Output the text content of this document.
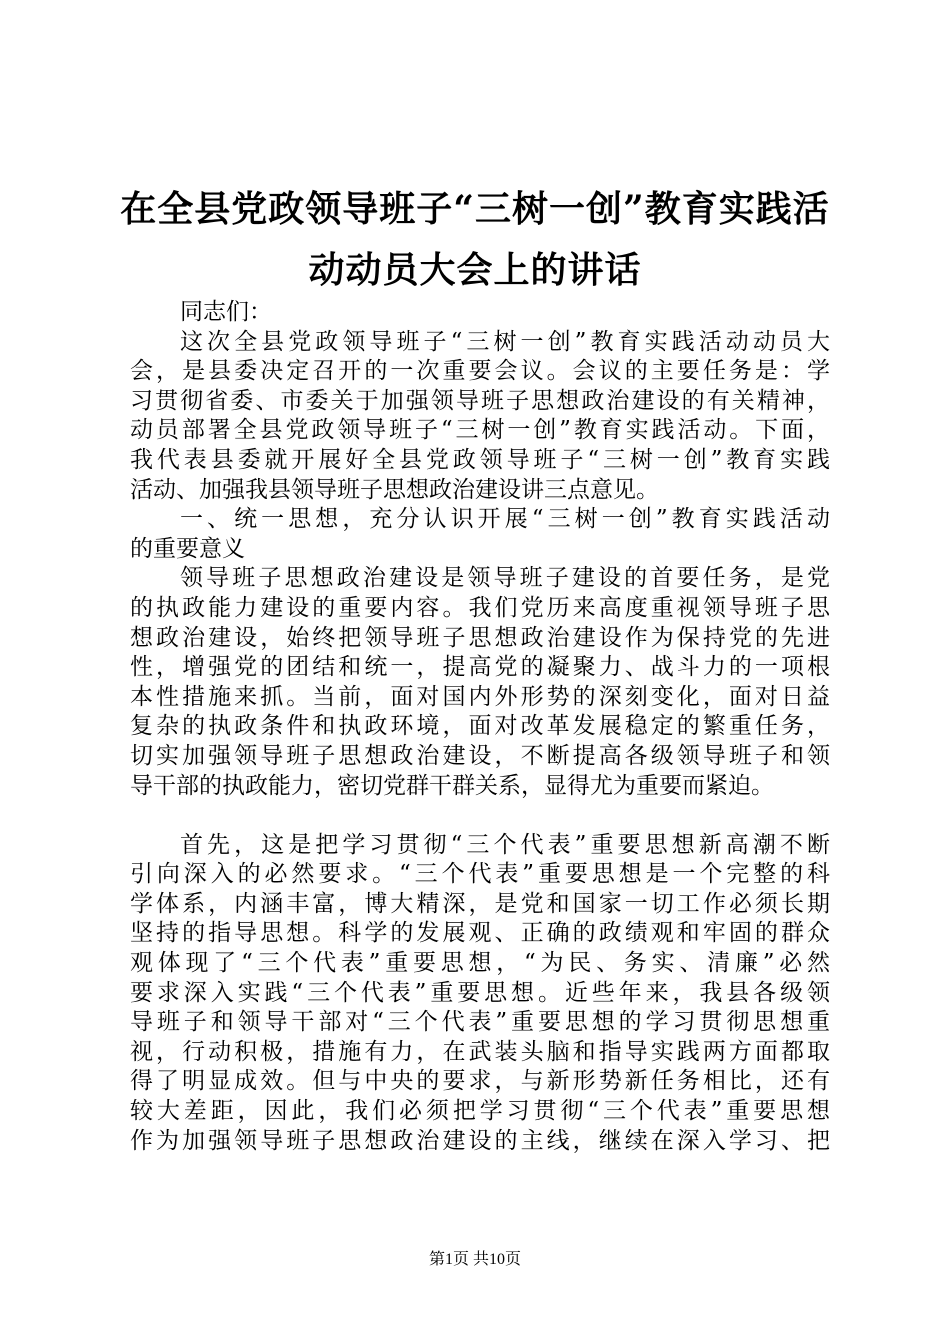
在全县党政领导班子“三树一创”教育实践活
动动员大会上的讲话
同志们：
这次全县党政领导班子“三树一创”教育实践活动动员大
会，是县委决定召开的一次重要会议。会议的主要任务是：学
习贯彻省委、市委关于加强领导班子思想政治建设的有关精神，
动员部署全县党政领导班子“三树一创”教育实践活动。下面，
我代表县委就开展好全县党政领导班子“三树一创”教育实践
活动、加强我县领导班子思想政治建设讲三点意见。
一、统一思想，充分认识开展“三树一创”教育实践活动
的重要意义
领导班子思想政治建设是领导班子建设的首要任务，是党
的执政能力建设的重要内容。我们党历来高度重视领导班子思
想政治建设，始终把领导班子思想政治建设作为保持党的先进
性，增强党的团结和统一，提高党的凝聚力、战斗力的一项根
本性措施来抓。当前，面对国内外形势的深刻变化，面对日益
复杂的执政条件和执政环境，面对改革发展稳定的繁重任务，
切实加强领导班子思想政治建设，不断提高各级领导班子和领
导干部的执政能力，密切党群干群关系，显得尤为重要而紧迫。
首先，这是把学习贯彻“三个代表”重要思想新高潮不断
引向深入的必然要求。“三个代表”重要思想是一个完整的科
学体系，内涵丰富，博大精深，是党和国家一切工作必须长期
坚持的指导思想。科学的发展观、正确的政绩观和牢固的群众
观体现了“三个代表”重要思想，“为民、务实、清廉”必然
要求深入实践“三个代表”重要思想。近些年来，我县各级领
导班子和领导干部对“三个代表”重要思想的学习贯彻思想重
视，行动积极，措施有力，在武装头脑和指导实践两方面都取
得了明显成效。但与中央的要求，与新形势新任务相比，还有
较大差距，因此，我们必须把学习贯彻“三个代表”重要思想
作为加强领导班子思想政治建设的主线，继续在深入学习、把
第1页 共10页
